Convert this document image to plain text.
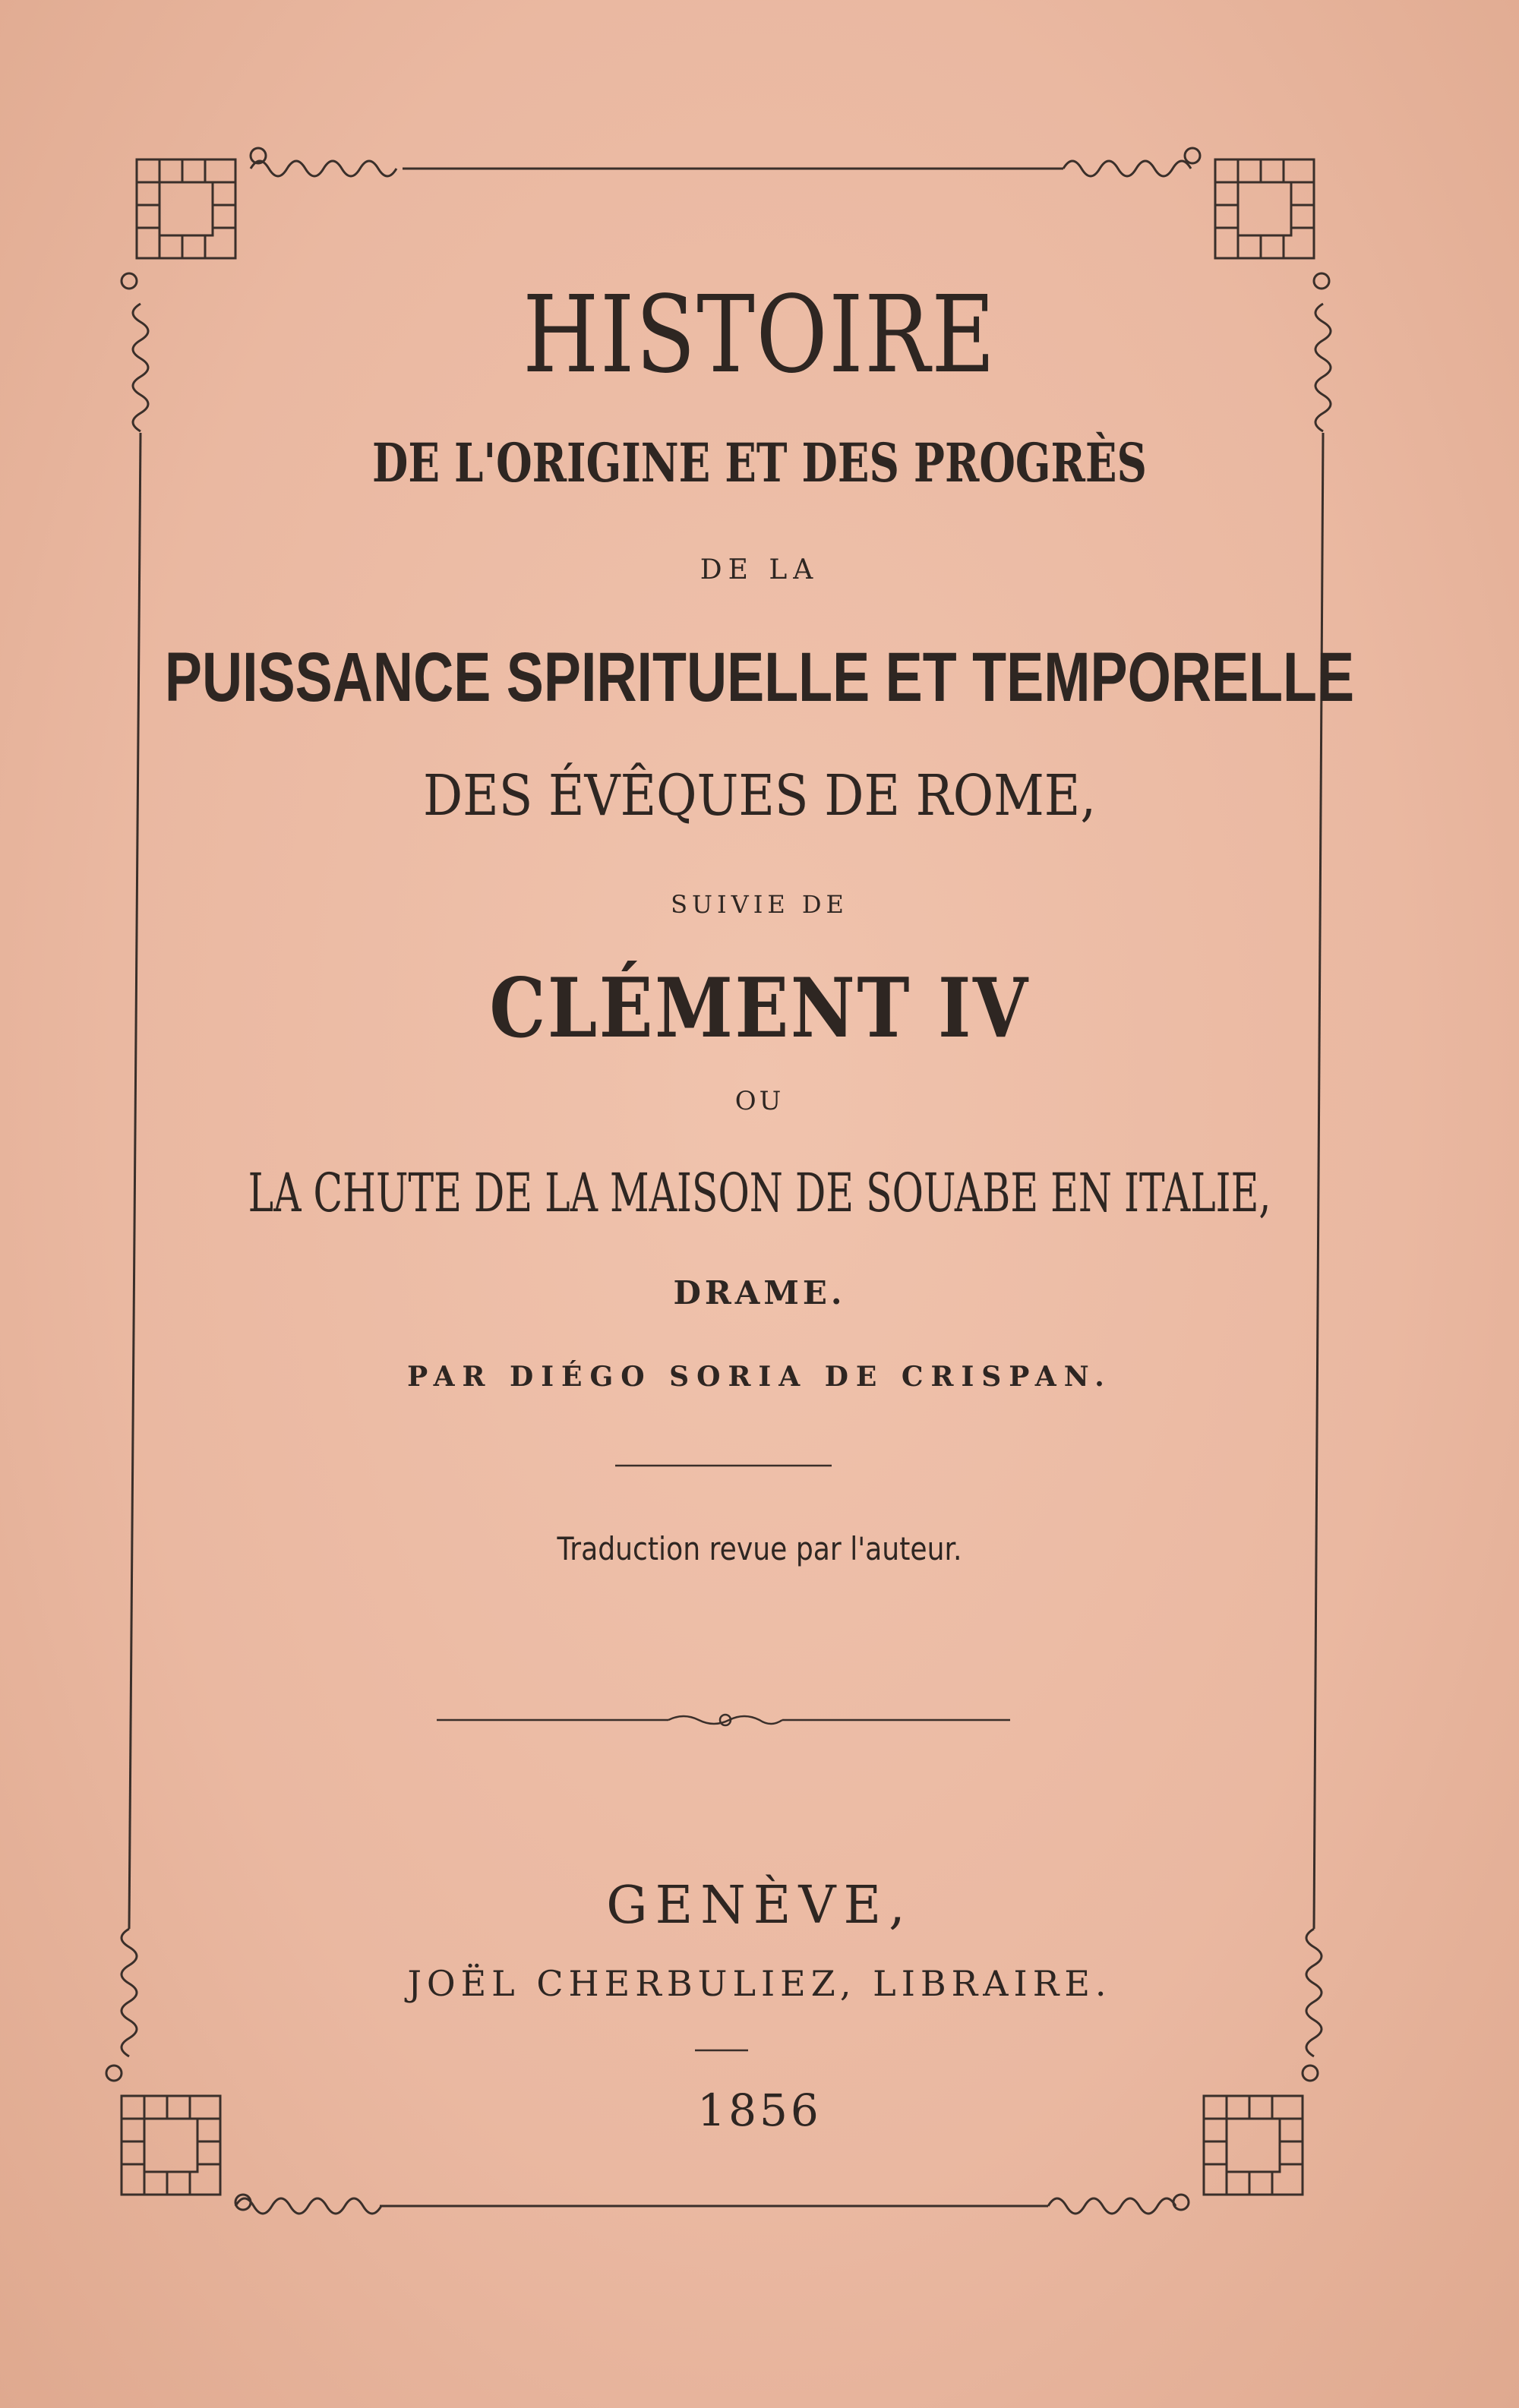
HISTOIRE
DE L'ORIGINE ET DES PROGRÈS
DE LA
PUISSANCE SPIRITUELLE ET TEMPORELLE
DES ÉVÊQUES DE ROME,
SUIVIE DE
CLÉMENT IV
OU
LA CHUTE DE LA MAISON DE SOUABE EN ITALIE,
DRAME.
PAR DIÉGO SORIA DE CRISPAN.
Traduction revue par l'auteur.
GENÈVE,
JOËL CHERBULIEZ, LIBRAIRE.
1856
